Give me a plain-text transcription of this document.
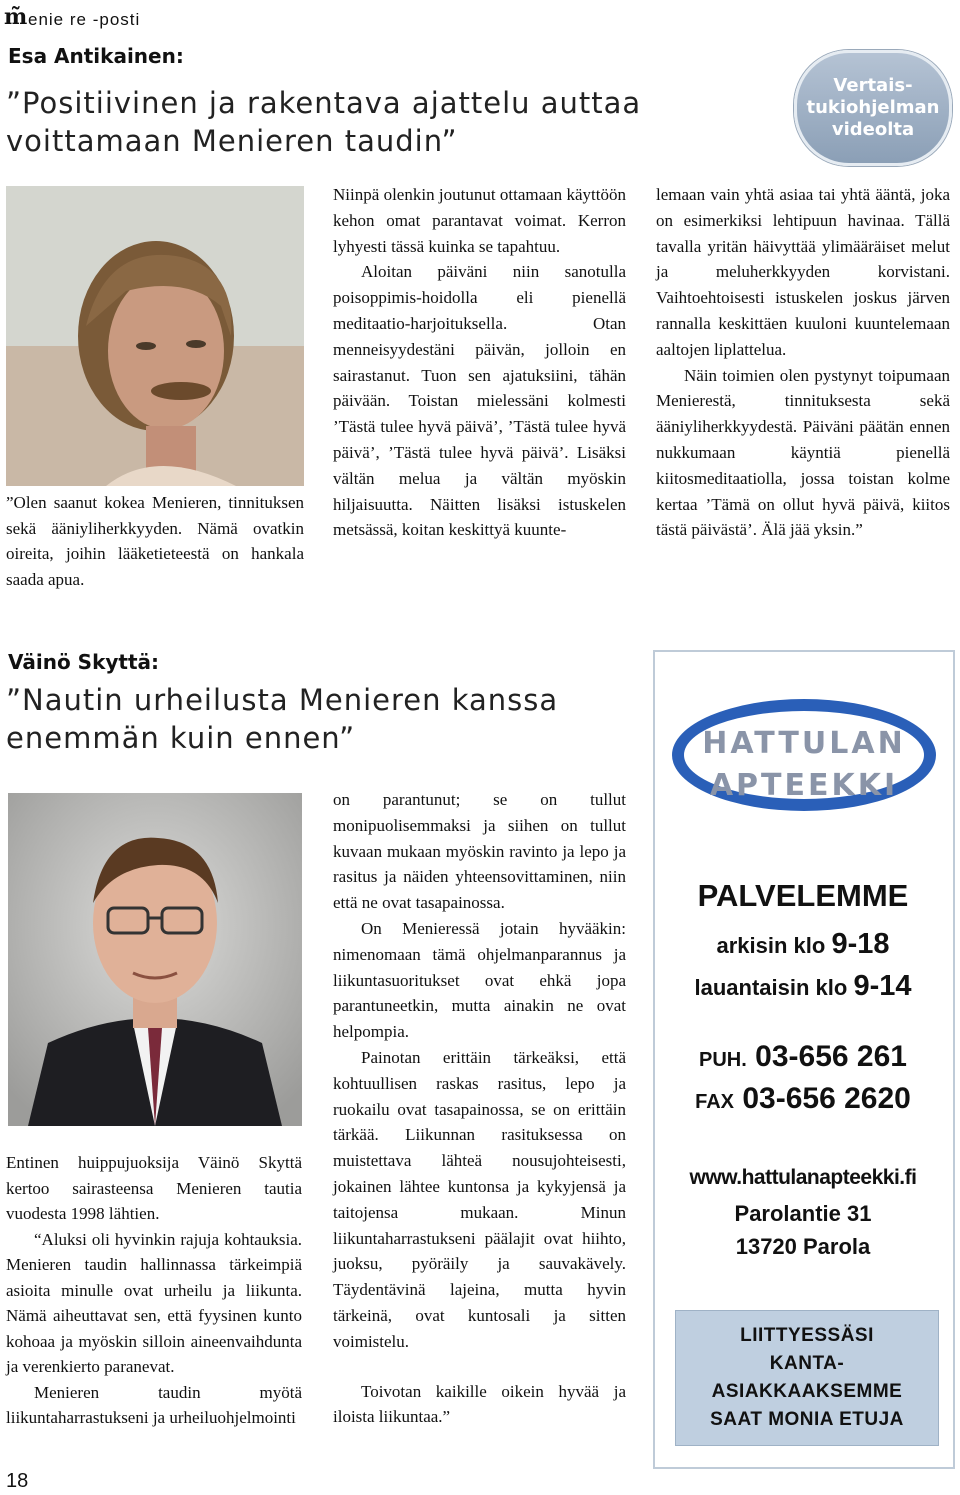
m̃ enie re -posti
Esa Antikainen:
”Positiivinen ja rakentava ajattelu auttaa
voittamaan Menieren taudin”
Vertais-
tukiohjelman
videolta
”Olen saanut kokea Menieren, tinnituksen sekä ääniyliherkkyyden. Nämä ovatkin oireita, joihin lääketieteestä on hankala saada apua.

Niinpä olenkin joutunut ottamaan käyttöön kehon omat parantavat voimat. Kerron lyhyesti tässä kuinka se tapahtuu.

Aloitan päiväni niin sanotulla poisoppimis-hoidolla eli pienellä meditaatio-harjoituksella. Otan menneisyydestäni päivän, jolloin en sairastanut. Tuon sen ajatuksiini, tähän päivään. Toistan mielessäni kolmesti ’Tästä tulee hyvä päivä’, ’Tästä tulee hyvä päivä’, ’Tästä tulee hyvä päivä’. Lisäksi vältän melua ja vältän myöskin hiljaisuutta. Näitten lisäksi istuskelen metsässä, koitan keskittyä kuunte-

lemaan vain yhtä asiaa tai yhtä ääntä, joka on esimerkiksi lehtipuun havinaa. Tällä tavalla yritän häivyttää ylimääräiset melut ja meluherkkyyden korvistani. Vaihtoehtoisesti istuskelen joskus järven rannalla keskittäen kuuloni kuuntelemaan aaltojen liplattelua.

Näin toimien olen pystynyt toipumaan Menierestä, tinnituksesta sekä ääniyliherkkyydestä. Päiväni päätän ennen nukkumaan käyntiä pienellä kiitosmeditaatiolla, jossa toistan kolme kertaa ’Tämä on ollut hyvä päivä, kiitos tästä päivästä’. Älä jää yksin.”

Väinö Skyttä:
”Nautin urheilusta Menieren kanssa
enemmän kuin ennen”
Entinen huippujuoksija Väinö Skyttä kertoo sairasteensa Menieren tautia vuodesta 1998 lähtien.
“Aluksi oli hyvinkin rajuja kohtauksia. Menieren taudin hallinnassa tärkeimpiä asioita minulle ovat urheilu ja liikunta. Nämä aiheuttavat sen, että fyysinen kunto kohoaa ja myöskin silloin aineenvaihdunta ja verenkierto paranevat.
Menieren taudin myötä liikuntaharrastukseni ja urheiluohjelmointi

on parantunut; se on tullut monipuolisemmaksi ja siihen on tullut kuvaan mukaan myöskin ravinto ja lepo ja rasitus ja näiden yhteensovittaminen, niin että ne ovat tasapainossa.

On Menieressä jotain hyvääkin: nimenomaan tämä ohjelmanparannus ja liikuntasuoritukset ovat ehkä jopa parantuneetkin, mutta ainakin ne ovat helpompia.

Painotan erittäin tärkeäksi, että kohtuullisen raskas rasitus, lepo ja ruokailu ovat tasapainossa, se on erittäin tärkää. Liikunnan rasituksessa on muistettava lähteä nousujohteisesti, jokainen lähtee kuntonsa ja kykyjensä ja taitojensa mukaan. Minun liikuntaharrastukseni päälajit ovat hiihto, juoksu, pyöräily ja sauvakävely. Täydentävinä lajeina, mutta hyvin tärkeinä, ovat kuntosali ja sitten voimistelu.

Toivotan kaikille oikein hyvää ja iloista liikuntaa.”

HATTULAN
APTEEKKI
PALVELEMME
arkisin klo 9-18
lauantaisin klo 9-14
PUH. 03-656 261
FAX 03-656 2620
www.hattulanapteekki.fi
Parolantie 31
13720 Parola
LIITTYESSÄSI
KANTA-
ASIAKKAAKSEMME
SAAT MONIA ETUJA
18
